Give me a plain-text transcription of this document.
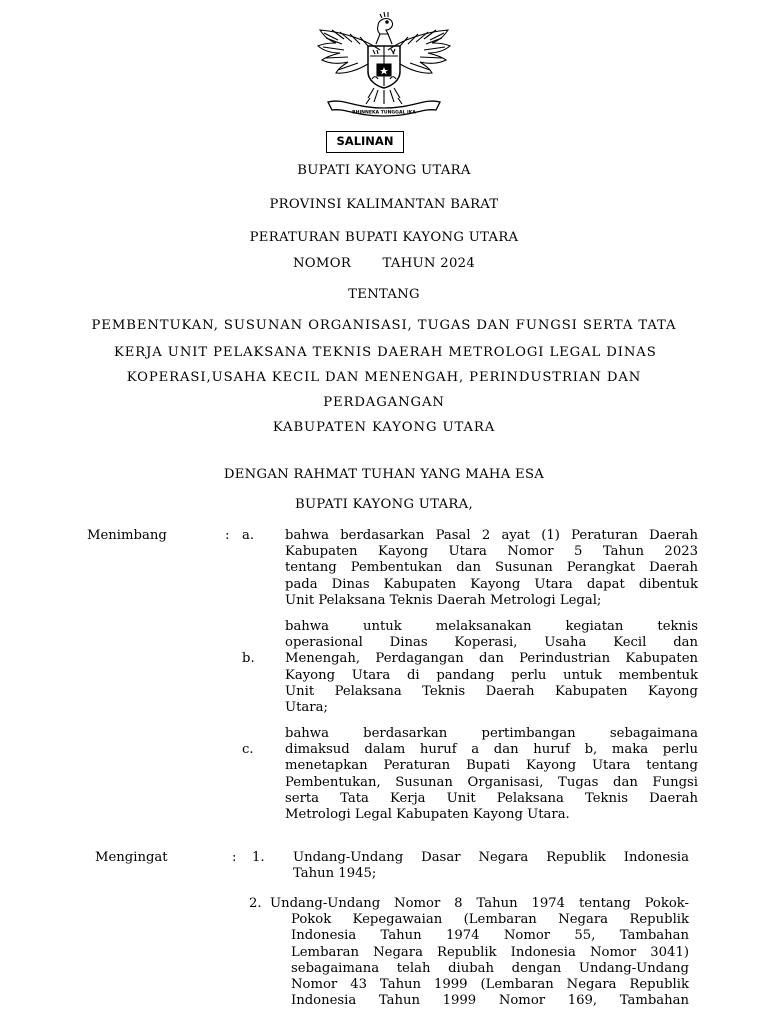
BHINNEKA TUNGGAL IKA
SALINAN
BUPATI KAYONG UTARA
PROVINSI KALIMANTAN BARAT
PERATURAN BUPATI KAYONG UTARA
NOMOR       TAHUN 2024
TENTANG
PEMBENTUKAN, SUSUNAN ORGANISASI, TUGAS DAN FUNGSI SERTA TATA
KERJA UNIT PELAKSANA TEKNIS DAERAH METROLOGI LEGAL DINAS
KOPERASI,USAHA KECIL DAN MENENGAH, PERINDUSTRIAN DAN
PERDAGANGAN
KABUPATEN KAYONG UTARA
DENGAN RAHMAT TUHAN YANG MAHA ESA
BUPATI KAYONG UTARA,
Menimbang	: a. bahwa berdasarkan Pasal 2 ayat (1) Peraturan Daerah
Kabupaten Kayong Utara Nomor 5 Tahun 2023
tentang Pembentukan dan Susunan Perangkat Daerah
pada Dinas Kabupaten Kayong Utara dapat dibentuk
Unit Pelaksana Teknis Daerah Metrologi Legal;
b.
bahwa untuk melaksanakan kegiatan teknis
operasional Dinas Koperasi, Usaha Kecil dan
Menengah, Perdagangan dan Perindustrian Kabupaten
Kayong Utara di pandang perlu untuk membentuk
Unit Pelaksana Teknis Daerah Kabupaten Kayong
Utara;
c.
bahwa berdasarkan pertimbangan sebagaimana
dimaksud dalam huruf a dan huruf b, maka perlu
menetapkan Peraturan Bupati Kayong Utara tentang
Pembentukan, Susunan Organisasi, Tugas dan Fungsi
serta Tata Kerja Unit Pelaksana Teknis Daerah
Metrologi Legal Kabupaten Kayong Utara.
Mengingat	: 1. Undang-Undang Dasar Negara Republik Indonesia
Tahun 1945;
2. Undang-Undang Nomor 8 Tahun 1974 tentang Pokok-
Pokok Kepegawaian (Lembaran Negara Republik
Indonesia Tahun 1974 Nomor 55, Tambahan
Lembaran Negara Republik Indonesia Nomor 3041)
sebagaimana telah diubah dengan Undang-Undang
Nomor 43 Tahun 1999 (Lembaran Negara Republik
Indonesia Tahun 1999 Nomor 169, Tambahan
